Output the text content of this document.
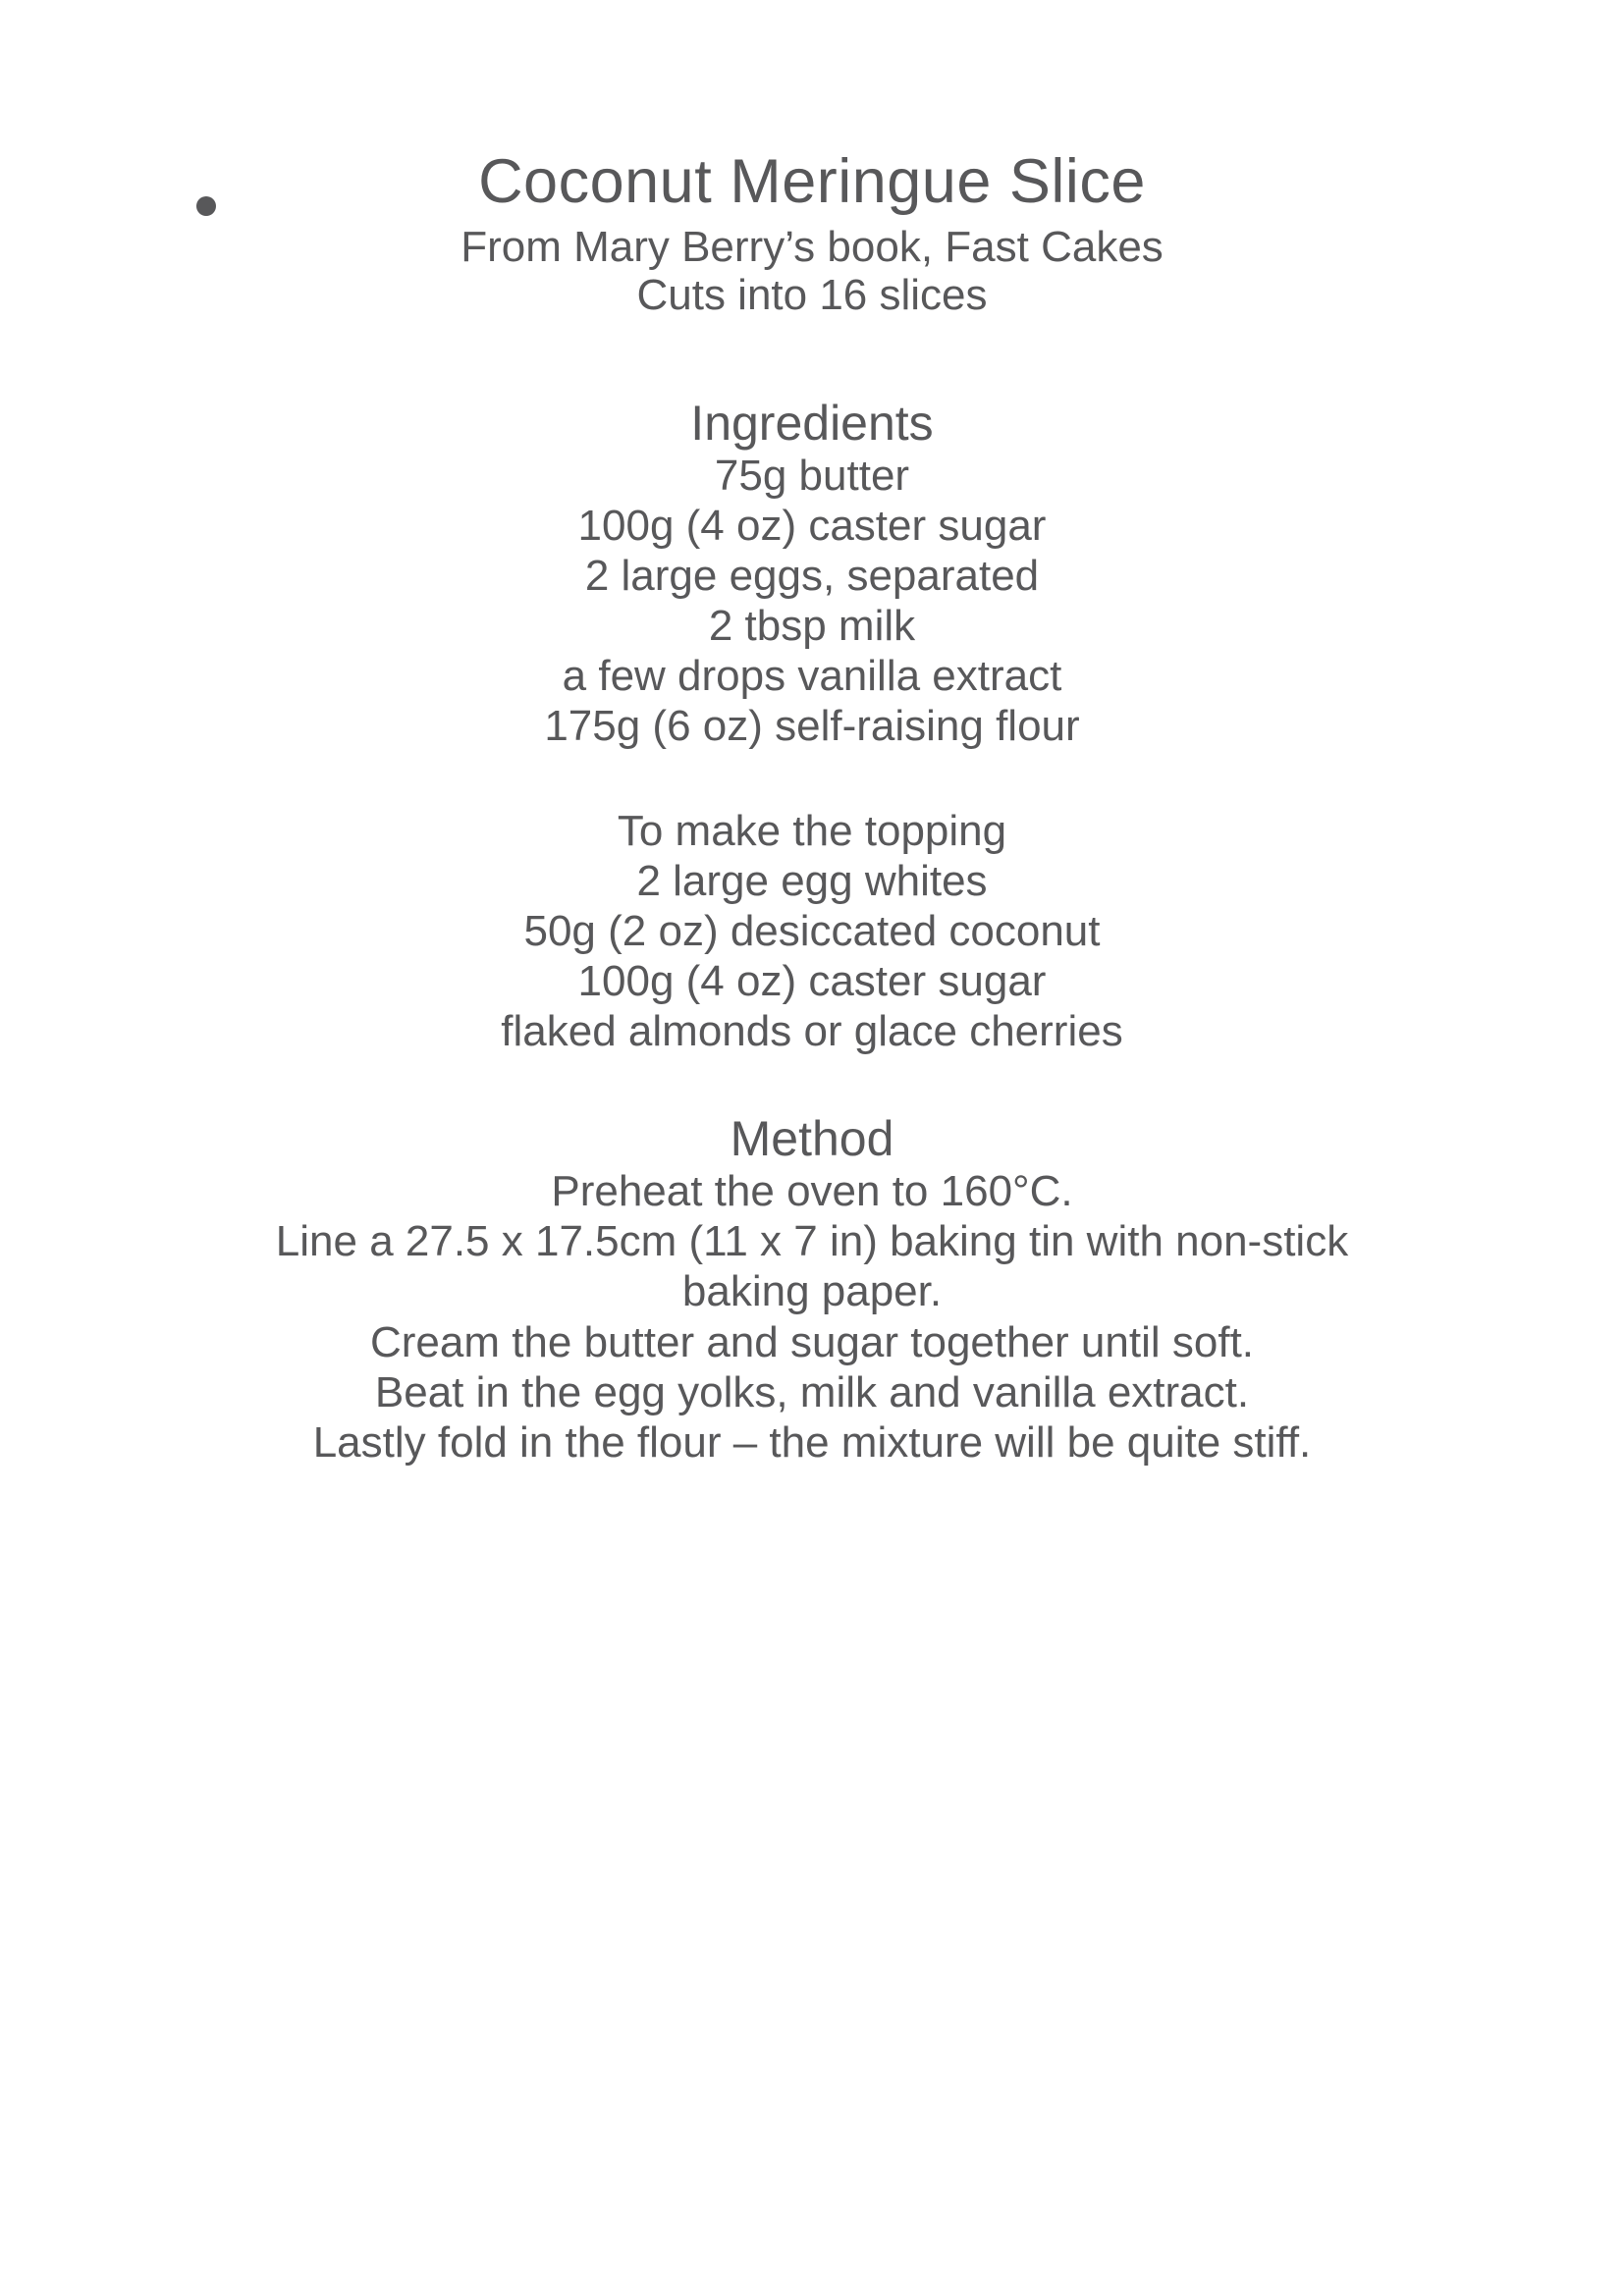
Coconut Meringue Slice

From Mary Berry’s book, Fast Cakes

Cuts into 16 slices

Ingredients

75g butter

100g (4 oz) caster sugar

2 large eggs, separated

2 tbsp milk

a few drops vanilla extract

175g (6 oz) self-raising flour

To make the topping

2 large egg whites

50g (2 oz) desiccated coconut

100g (4 oz) caster sugar

flaked almonds or glace cherries

Method

Preheat the oven to 160°C.

Line a 27.5 x 17.5cm (11 x 7 in) baking tin with non-stick baking paper.

Cream the butter and sugar together until soft.

Beat in the egg yolks, milk and vanilla extract.

Lastly fold in the flour – the mixture will be quite stiff.
